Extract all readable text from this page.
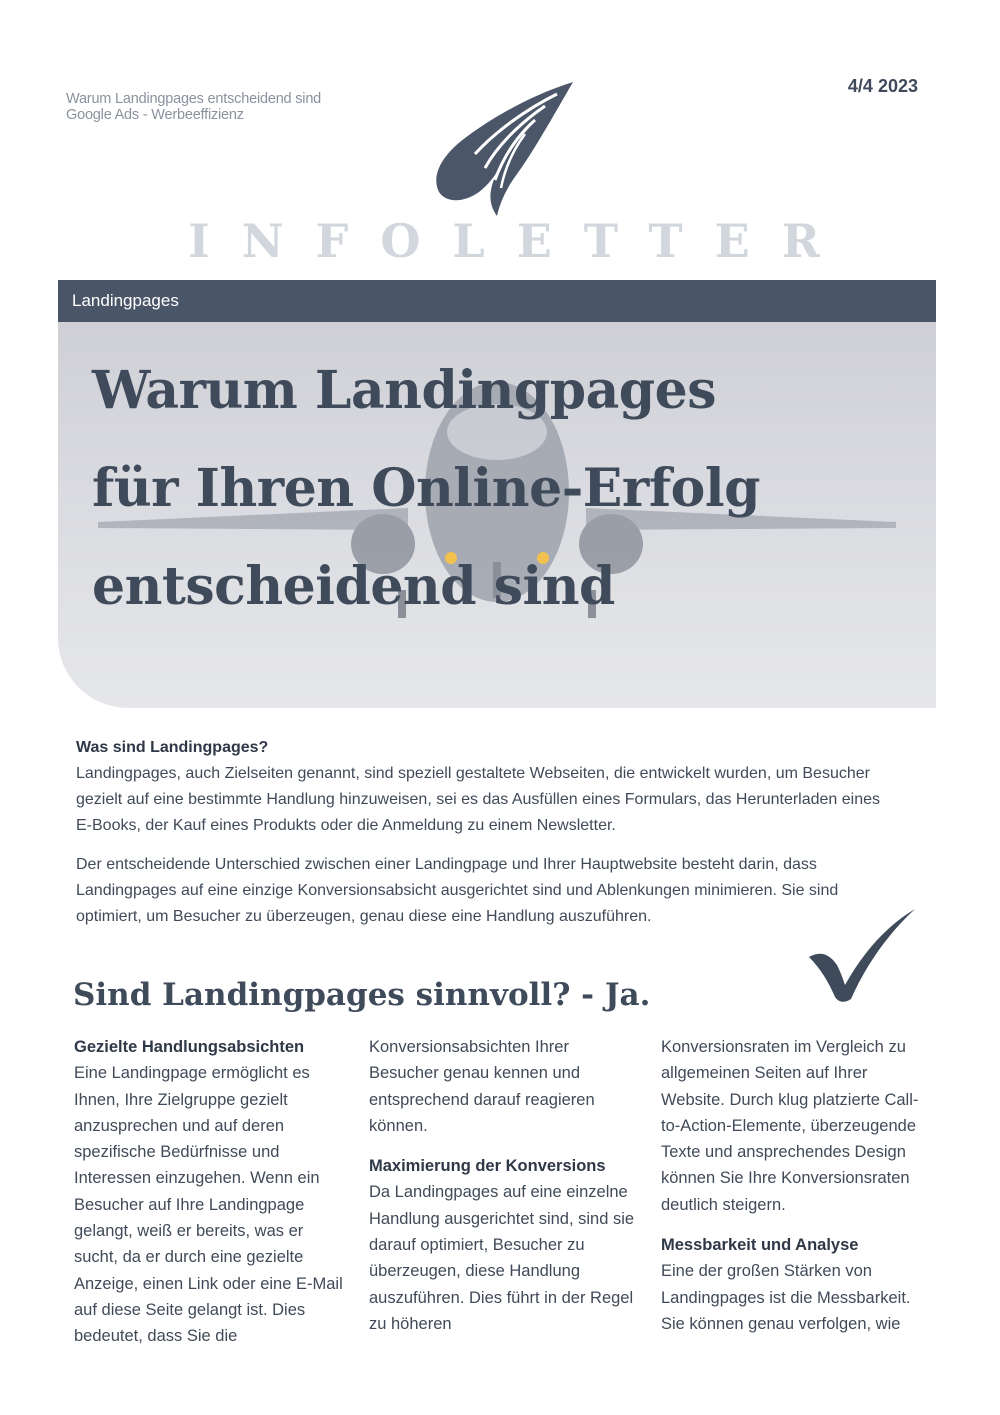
Warum Landingpages entscheidend sind
Google Ads - Werbeeffizienz
4/4 2023
INFOLETTER
Landingpages
Warum Landingpages
für Ihren Online-Erfolg
entscheidend sind

Was sind Landingpages?

Landingpages, auch Zielseiten genannt, sind speziell gestaltete Webseiten, die entwickelt wurden, um Besucher gezielt auf eine bestimmte Handlung hinzuweisen, sei es das Ausfüllen eines Formulars, das Herunterladen eines E-Books, der Kauf eines Produkts oder die Anmeldung zu einem Newsletter.

Der entscheidende Unterschied zwischen einer Landingpage und Ihrer Hauptwebsite besteht darin, dass Landingpages auf eine einzige Konversionsabsicht ausgerichtet sind und Ablenkungen minimieren. Sie sind optimiert, um Besucher zu überzeugen, genau diese eine Handlung auszuführen.

Sind Landingpages sinnvoll? - Ja.

Gezielte Handlungsabsichten

Eine Landingpage ermöglicht es Ihnen, Ihre Zielgruppe gezielt anzusprechen und auf deren spezifische Bedürfnisse und Interessen einzugehen. Wenn ein Besucher auf Ihre Landingpage gelangt, weiß er bereits, was er sucht, da er durch eine gezielte Anzeige, einen Link oder eine E-Mail auf diese Seite gelangt ist. Dies bedeutet, dass Sie die

Konversionsabsichten Ihrer Besucher genau kennen und entsprechend darauf reagieren können.

Maximierung der Konversions

Da Landingpages auf eine einzelne Handlung ausgerichtet sind, sind sie darauf optimiert, Besucher zu überzeugen, diese Handlung auszuführen. Dies führt in der Regel zu höheren

Konversionsraten im Vergleich zu allgemeinen Seiten auf Ihrer Website. Durch klug platzierte Call-to-Action-Elemente, überzeugende Texte und ansprechendes Design können Sie Ihre Konversionsraten deutlich steigern.

Messbarkeit und Analyse

Eine der großen Stärken von Landingpages ist die Messbarkeit. Sie können genau verfolgen, wie
